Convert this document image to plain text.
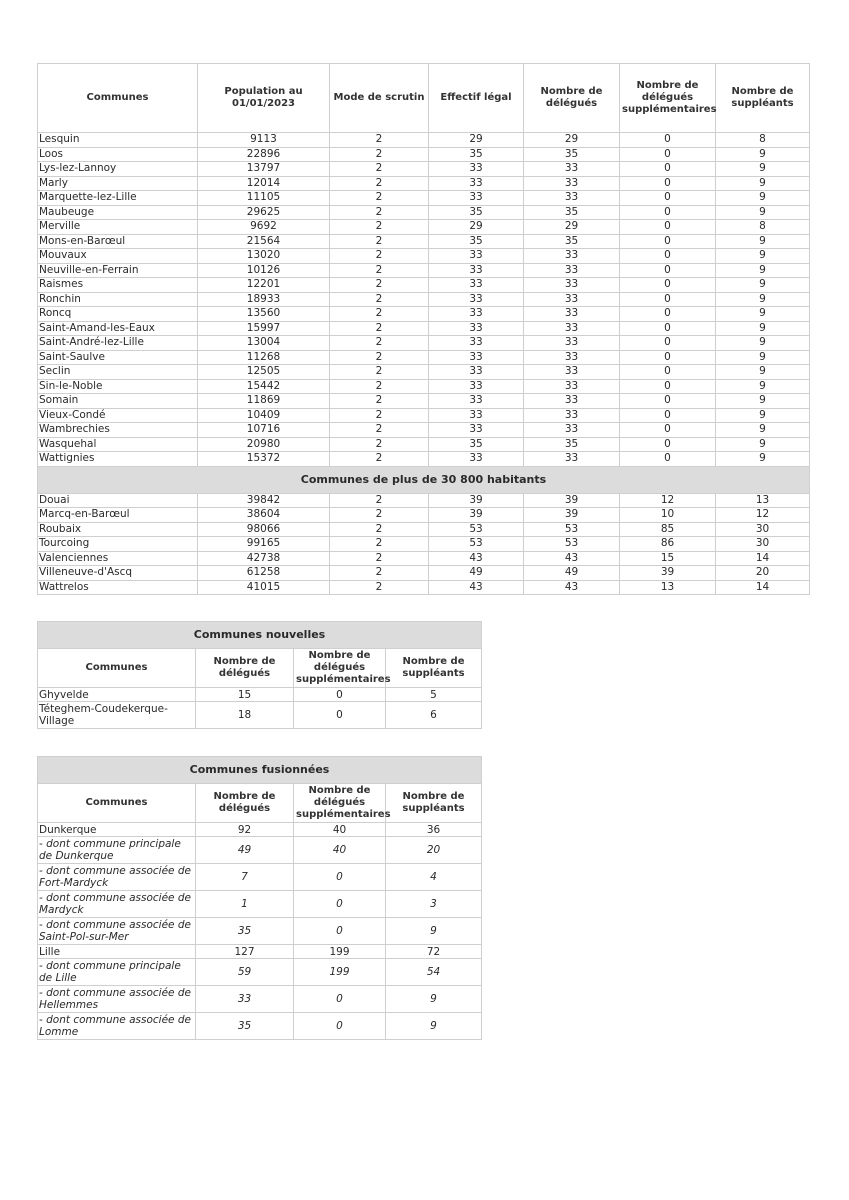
Communes	Population au 01/01/2023	Mode de scrutin	Effectif légal	Nombre de délégués	Nombre de délégués supplémentaires	Nombre de suppléants
Lesquin	9113	2	29	29	0	8
Loos	22896	2	35	35	0	9
Lys-lez-Lannoy	13797	2	33	33	0	9
Marly	12014	2	33	33	0	9
Marquette-lez-Lille	11105	2	33	33	0	9
Maubeuge	29625	2	35	35	0	9
Merville	9692	2	29	29	0	8
Mons-en-Barœul	21564	2	35	35	0	9
Mouvaux	13020	2	33	33	0	9
Neuville-en-Ferrain	10126	2	33	33	0	9
Raismes	12201	2	33	33	0	9
Ronchin	18933	2	33	33	0	9
Roncq	13560	2	33	33	0	9
Saint-Amand-les-Eaux	15997	2	33	33	0	9
Saint-André-lez-Lille	13004	2	33	33	0	9
Saint-Saulve	11268	2	33	33	0	9
Seclin	12505	2	33	33	0	9
Sin-le-Noble	15442	2	33	33	0	9
Somain	11869	2	33	33	0	9
Vieux-Condé	10409	2	33	33	0	9
Wambrechies	10716	2	33	33	0	9
Wasquehal	20980	2	35	35	0	9
Wattignies	15372	2	33	33	0	9
Communes de plus de 30 800 habitants						
Douai	39842	2	39	39	12	13
Marcq-en-Barœul	38604	2	39	39	10	12
Roubaix	98066	2	53	53	85	30
Tourcoing	99165	2	53	53	86	30
Valenciennes	42738	2	43	43	15	14
Villeneuve-d'Ascq	61258	2	49	49	39	20
Wattrelos	41015	2	43	43	13	14
Communes nouvelles			
Communes	Nombre de délégués	Nombre de délégués supplémentaires	Nombre de suppléants
Ghyvelde	15	0	5
Téteghem-Coudekerque-Village	18	0	6
Communes fusionnées			
Communes	Nombre de délégués	Nombre de délégués supplémentaires	Nombre de suppléants
Dunkerque	92	40	36
- dont commune principale de Dunkerque	49	40	20
- dont commune associée de Fort-Mardyck	7	0	4
- dont commune associée de Mardyck	1	0	3
- dont commune associée de Saint-Pol-sur-Mer	35	0	9
Lille	127	199	72
- dont commune principale de Lille	59	199	54
- dont commune associée de Hellemmes	33	0	9
- dont commune associée de Lomme	35	0	9
